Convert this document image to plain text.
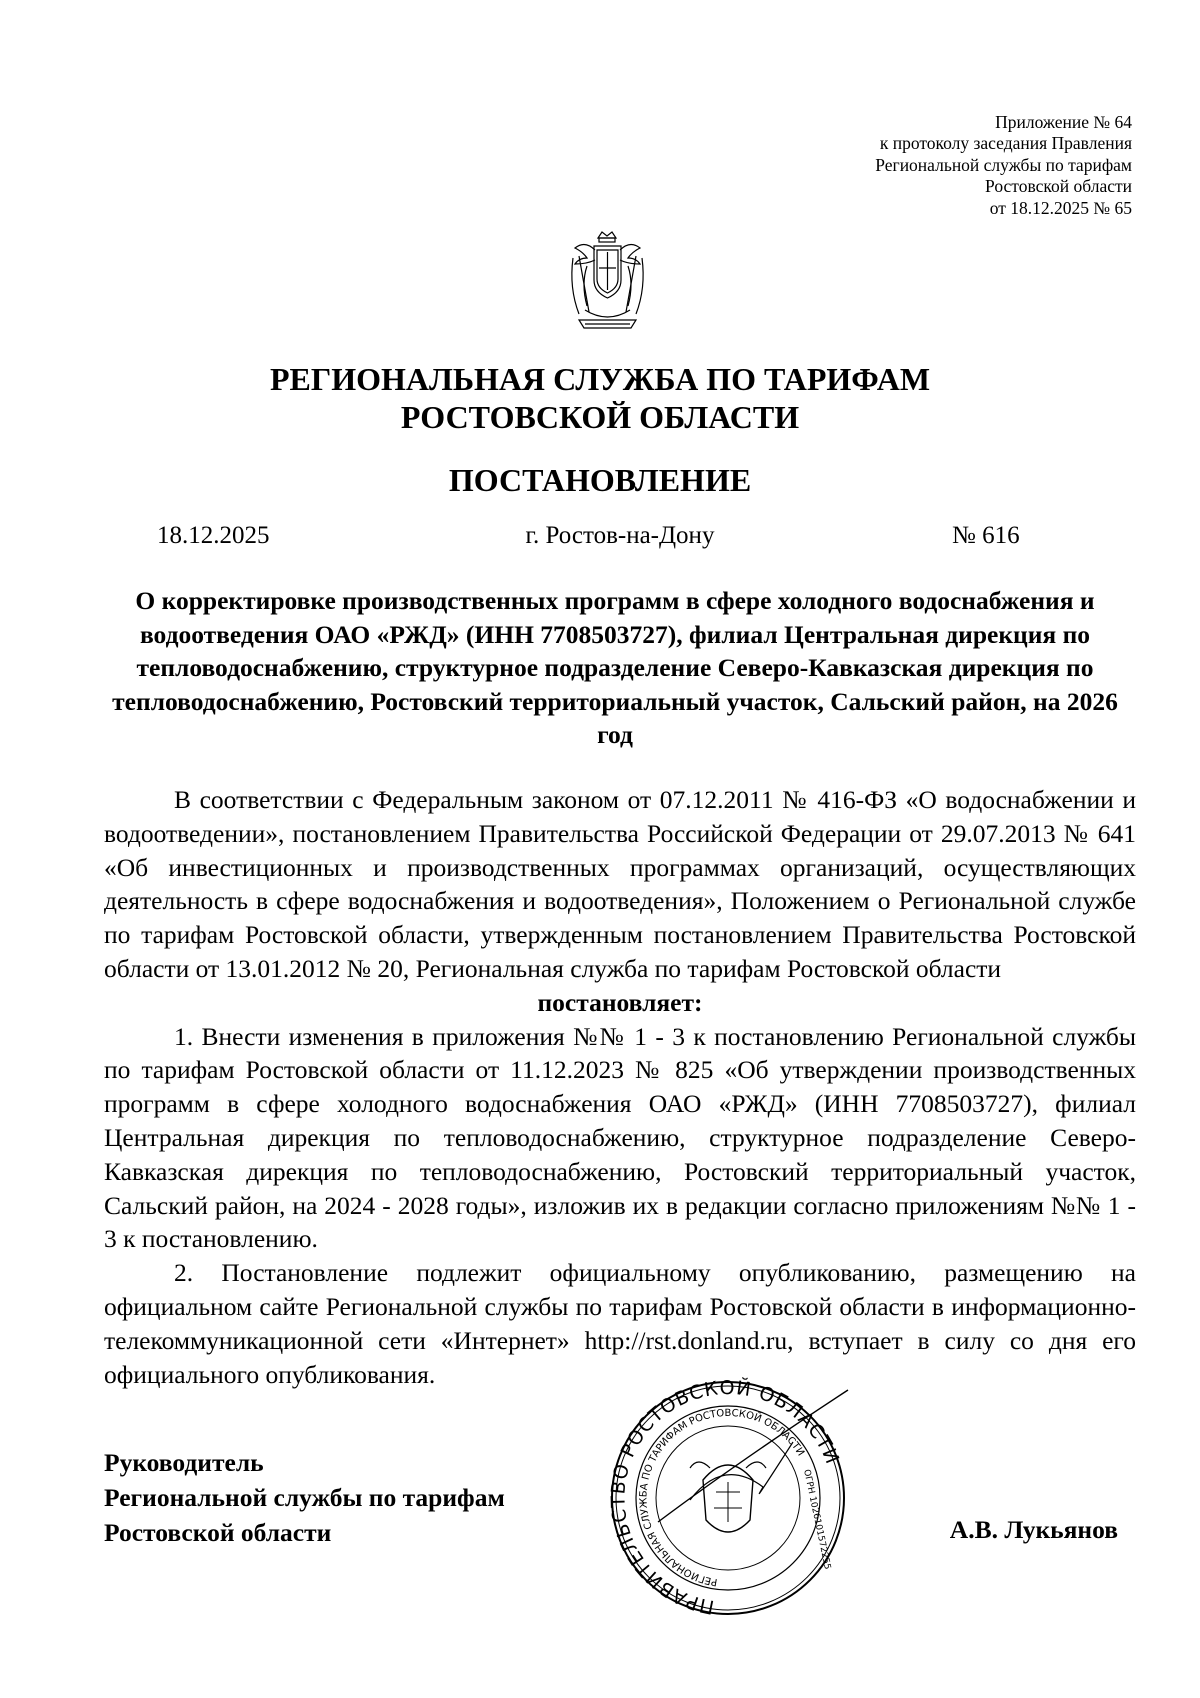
Приложение № 64
к протоколу заседания Правления
Региональной службы по тарифам
Ростовской области
от 18.12.2025 № 65
РЕГИОНАЛЬНАЯ СЛУЖБА ПО ТАРИФАМ
РОСТОВСКОЙ ОБЛАСТИ
ПОСТАНОВЛЕНИЕ
18.12.2025	г. Ростов-на-Дону	№ 616
О корректировке производственных программ в сфере холодного водоснабжения и водоотведения ОАО «РЖД» (ИНН 7708503727), филиал Центральная дирекция по тепловодоснабжению, структурное подразделение Северо-Кавказская дирекция по тепловодоснабжению, Ростовский территориальный участок, Сальский район, на 2026 год

В соответствии с Федеральным законом от 07.12.2011 № 416-ФЗ «О водоснабжении и водоотведении», постановлением Правительства Российской Федерации от 29.07.2013 № 641 «Об инвестиционных и производственных программах организаций, осуществляющих деятельность в сфере водоснабжения и водоотведения», Положением о Региональной службе по тарифам Ростовской области, утвержденным постановлением Правительства Ростовской области от 13.01.2012 № 20, Региональная служба по тарифам Ростовской области

постановляет:

1. Внести изменения в приложения №№ 1 - 3 к постановлению Региональной службы по тарифам Ростовской области от 11.12.2023 № 825 «Об утверждении производственных программ в сфере холодного водоснабжения ОАО «РЖД» (ИНН 7708503727), филиал Центральная дирекция по тепловодоснабжению, структурное подразделение Северо-Кавказская дирекция по тепловодоснабжению, Ростовский территориальный участок, Сальский район, на 2024 - 2028 годы», изложив их в редакции согласно приложениям №№ 1 - 3 к постановлению.

2. Постановление подлежит официальному опубликованию, размещению на официальном сайте Региональной службы по тарифам Ростовской области в информационно-телекоммуникационной сети «Интернет» http://rst.donland.ru, вступает в силу со дня его официального опубликования.

Руководитель
Региональной службы по тарифам
Ростовской области
ПРАВИТЕЛЬСТВО РОСТОВСКОЙ ОБЛАСТИ
РЕГИОНАЛЬНАЯ СЛУЖБА ПО ТАРИФАМ РОСТОВСКОЙ ОБЛАСТИ
ОГРН 1026101572255	А.В. Лукьянов
